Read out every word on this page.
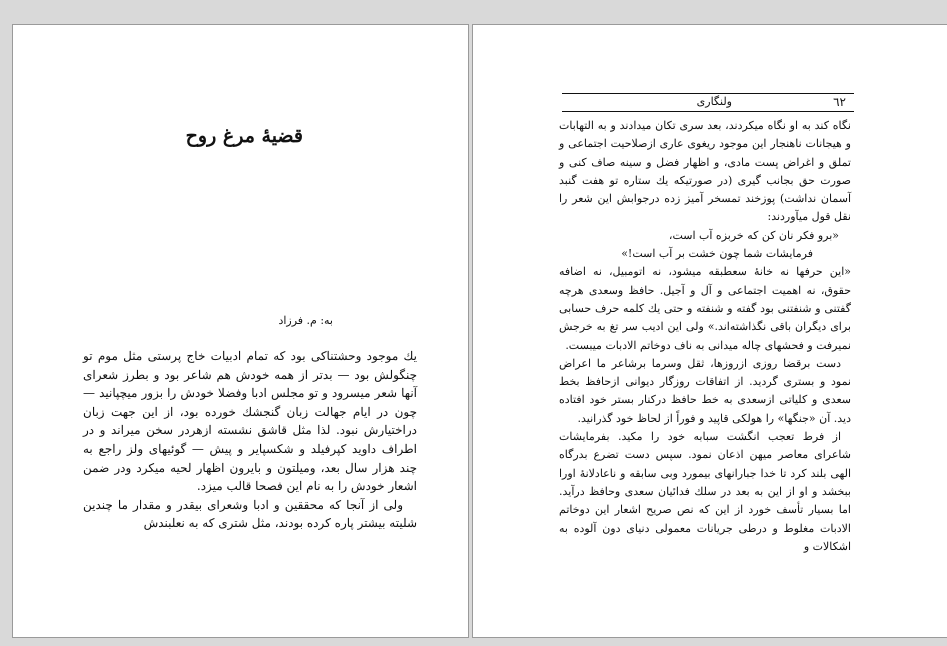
قضيهٔ مرغ روح
به: م. فرزاد

یك موجود وحشتناکی بود که تمام ادبیات خاج پرستی مثل موم تو چنگولش بود — بدتر از همه خودش هم شاعر بود و بطرز شعرای آنها شعر میسرود و تو مجلس ادبا وفضلا خودش را بزور میچپانید — چون در ایام جهالت زبان گنجشك خورده بود، از این جهت زبان دراختیارش نبود. لذا مثل قاشق نشسته ازهردر سخن میراند و در اطراف داوید کپرفیلد و شکسپایر و پیش — گوئیهای ولز راجع به چند هزار سال بعد، ومیلتون و بایرون اظهار لحیه میکرد ودر ضمن اشعار خودش را به نام این فصحا قالب میزد.

ولی از آنجا که محققین و ادبا وشعرای بیقدر و مقدار ما چندین شلیته بیشتر پاره کرده بودند، مثل شتری که به نعلبندش

٦٢
ولنگاری

نگاه کند به او نگاه میکردند، بعد سری تکان میدادند و به التهابات و هیجانات ناهنجار این موجود ریغوی عاری ازصلاحیت اجتماعی و تملق و اغراض پست مادی، و اظهار فضل و سینه صاف کنی و صورت حق بجانب گیری (در صورتیکه یك ستاره تو هفت گنبد آسمان نداشت) پوزخند تمسخر آمیز زده درجوابش این شعر را نقل قول میآوردند:

«برو فکر نان کن که خربزه آب است،
فرمایشات شما چون خشت بر آب است!»

«این حرفها نه خانهٔ سعطبقه میشود، نه اتومبیل، نه اضافه حقوق، نه اهمیت اجتماعی و آل و آجیل. حافظ وسعدی هرچه گفتنی و شنفتنی بود گفته و شنفته و حتی یك کلمه حرف حسابی برای دیگران باقی نگذاشته‌اند.» ولی این ادیب سر تغ به خرجش نمیرفت و فحشهای چاله میدانی به ناف دوخاتم الادبات میبست.

دست برقضا روزی ازروزها، ثقل وسرما برشاعر ما اعراض نمود و بستری گردید. از اتفاقات روزگار دیوانی ازحافظ بخط سعدی و کلیاتی ازسعدی به خط حافظ درکنار بستر خود افتاده دید. آن «جنگها» را هولکی قاپید و فوراً از لحاظ خود گذرانید.

از فرط تعجب انگشت سبابه خود را مکید. بفرمایشات شاعرای معاصر میهن اذعان نمود. سپس دست تضرع بدرگاه الهی بلند کرد تا خدا جبارانهای بیمورد وبی سابقه و ناعادلانهٔ اورا ببخشد و او از این به بعد در سلك فدائیان سعدی وحافظ درآید. اما بسیار تأسف خورد از این که نص صریح اشعار این دوخاتم الادبات مغلوط و درطی جریانات معمولی دنیای دون آلوده به اشکالات و
